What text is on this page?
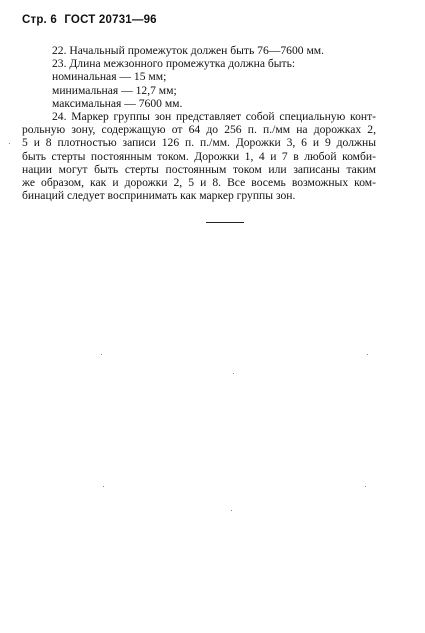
Стр. 6 ГОСТ 20731—96
22. Начальный промежуток должен быть 76—7600 мм.
23. Длина межзонного промежутка должна быть:
номинальная — 15 мм;
минимальная — 12,7 мм;
максимальная — 7600 мм.
24. Маркер группы зон представляет собой специальную конт-
рольную зону, содержащую от 64 до 256 п. п./мм на дорожках 2,
5 и 8 плотностью записи 126 п. п./мм. Дорожки 3, 6 и 9 должны
быть стерты постоянным током. Дорожки 1, 4 и 7 в любой комби-
нации могут быть стерты постоянным током или записаны таким
же образом, как и дорожки 2, 5 и 8. Все восемь возможных ком-
бинаций следует воспринимать как маркер группы зон.
